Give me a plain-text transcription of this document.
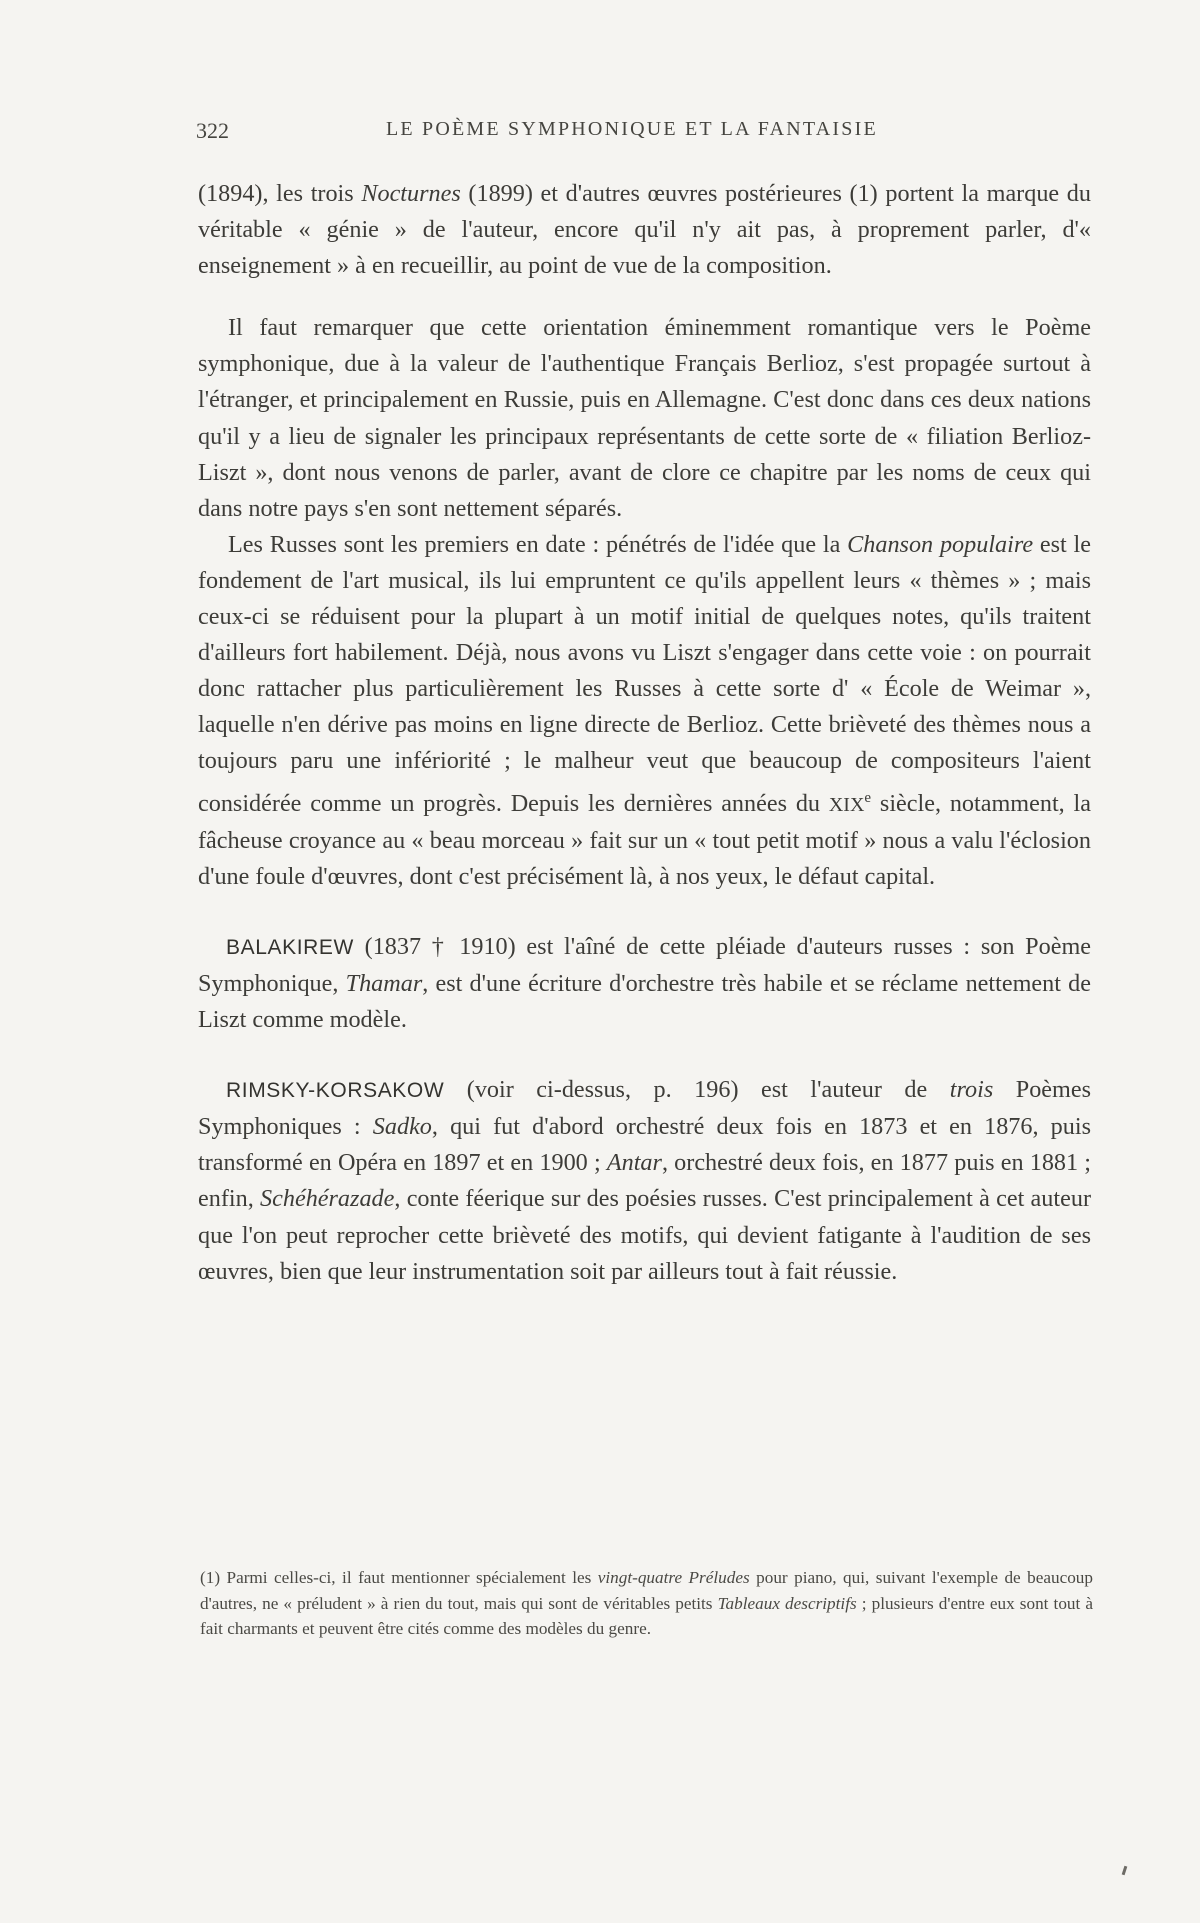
322	LE POÈME SYMPHONIQUE ET LA FANTAISIE

(1894), les trois Nocturnes (1899) et d'autres œuvres postérieures (1) portent la marque du véritable « génie » de l'auteur, encore qu'il n'y ait pas, à proprement parler, d'« enseignement » à en recueillir, au point de vue de la composition.

Il faut remarquer que cette orientation éminemment romantique vers le Poème symphonique, due à la valeur de l'authentique Français Berlioz, s'est propagée surtout à l'étranger, et principalement en Russie, puis en Allemagne. C'est donc dans ces deux nations qu'il y a lieu de signaler les principaux représentants de cette sorte de « filiation Berlioz-Liszt », dont nous venons de parler, avant de clore ce chapitre par les noms de ceux qui dans notre pays s'en sont nettement séparés.

Les Russes sont les premiers en date : pénétrés de l'idée que la Chanson populaire est le fondement de l'art musical, ils lui empruntent ce qu'ils appellent leurs « thèmes » ; mais ceux-ci se réduisent pour la plupart à un motif initial de quelques notes, qu'ils traitent d'ailleurs fort habilement. Déjà, nous avons vu Liszt s'engager dans cette voie : on pourrait donc rattacher plus particulièrement les Russes à cette sorte d' « École de Weimar », laquelle n'en dérive pas moins en ligne directe de Berlioz. Cette brièveté des thèmes nous a toujours paru une infériorité ; le malheur veut que beaucoup de compositeurs l'aient considérée comme un progrès. Depuis les dernières années du XIXe siècle, notamment, la fâcheuse croyance au « beau morceau » fait sur un « tout petit motif » nous a valu l'éclosion d'une foule d'œuvres, dont c'est précisément là, à nos yeux, le défaut capital.

BALAKIREW (1837 † 1910) est l'aîné de cette pléiade d'auteurs russes : son Poème Symphonique, Thamar, est d'une écriture d'orchestre très habile et se réclame nettement de Liszt comme modèle.

RIMSKY-KORSAKOW (voir ci-dessus, p. 196) est l'auteur de trois Poèmes Symphoniques : Sadko, qui fut d'abord orchestré deux fois en 1873 et en 1876, puis transformé en Opéra en 1897 et en 1900 ; Antar, orchestré deux fois, en 1877 puis en 1881 ; enfin, Schéhérazade, conte féerique sur des poésies russes. C'est principalement à cet auteur que l'on peut reprocher cette brièveté des motifs, qui devient fatigante à l'audition de ses œuvres, bien que leur instrumentation soit par ailleurs tout à fait réussie.

(1) Parmi celles-ci, il faut mentionner spécialement les vingt-quatre Préludes pour piano, qui, suivant l'exemple de beaucoup d'autres, ne « préludent » à rien du tout, mais qui sont de véritables petits Tableaux descriptifs ; plusieurs d'entre eux sont tout à fait charmants et peuvent être cités comme des modèles du genre.
